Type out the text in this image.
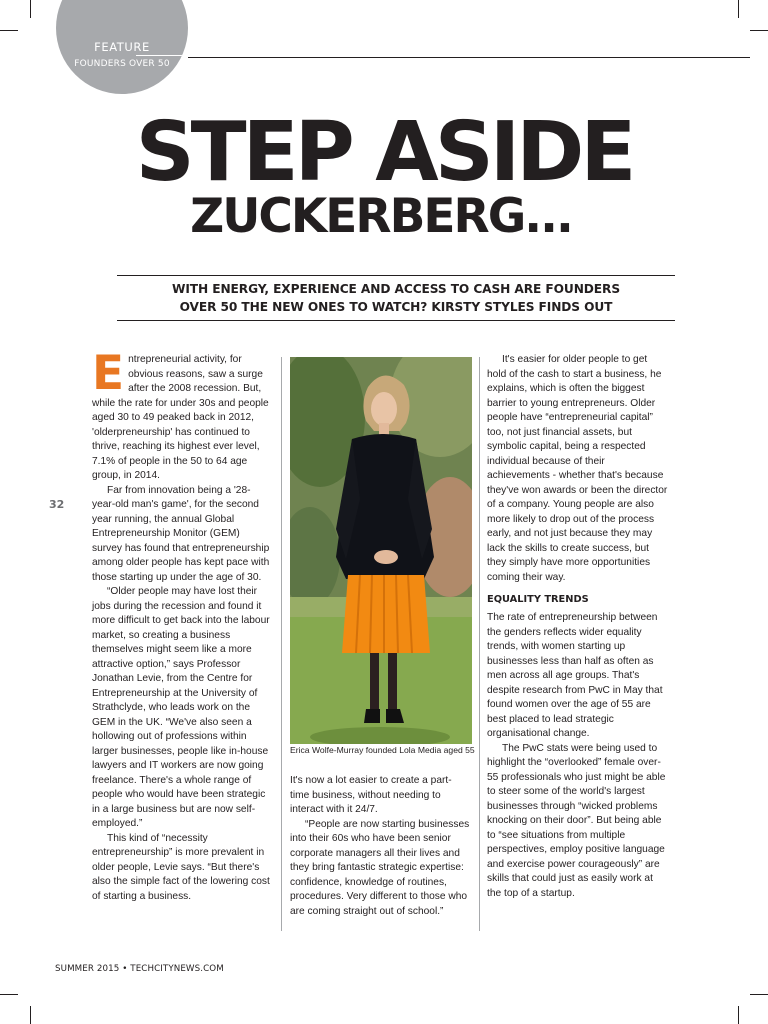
FEATURE
FOUNDERS OVER 50
STEP ASIDE
ZUCKERBERG...
WITH ENERGY, EXPERIENCE AND ACCESS TO CASH ARE FOUNDERS
OVER 50 THE NEW ONES TO WATCH? KIRSTY STYLES FINDS OUT
32
E ntrepreneurial activity, for obvious reasons, saw a surge after the 2008 recession. But, while the rate for under 30s and people aged 30 to 49 peaked back in 2012, 'olderpreneurship' has continued to thrive, reaching its highest ever level, 7.1% of people in the 50 to 64 age group, in 2014.

Far from innovation being a '28-year-old man's game', for the second year running, the annual Global Entrepreneurship Monitor (GEM) survey has found that entrepreneurship among older people has kept pace with those starting up under the age of 30.

“Older people may have lost their jobs during the recession and found it more difficult to get back into the labour market, so creating a business themselves might seem like a more attractive option,” says Professor Jonathan Levie, from the Centre for Entrepreneurship at the University of Strathclyde, who leads work on the GEM in the UK. “We've also seen a hollowing out of professions within larger businesses, people like in-house lawyers and IT workers are now going freelance. There's a whole range of people who would have been strategic in a large business but are now self-employed.”

This kind of “necessity entrepreneurship” is more prevalent in older people, Levie says. “But there's also the simple fact of the lowering cost of starting a business.

Erica Wolfe-Murray founded Lola Media aged 55

It's now a lot easier to create a part-time business, without needing to interact with it 24/7.

“People are now starting businesses into their 60s who have been senior corporate managers all their lives and they bring fantastic strategic expertise: confidence, knowledge of routines, procedures. Very different to those who are coming straight out of school.”

It's easier for older people to get hold of the cash to start a business, he explains, which is often the biggest barrier to young entrepreneurs. Older people have “entrepreneurial capital” too, not just financial assets, but symbolic capital, being a respected individual because of their achievements - whether that's because they've won awards or been the director of a company. Young people are also more likely to drop out of the process early, and not just because they may lack the skills to create success, but they simply have more opportunities coming their way.

EQUALITY TRENDS

The rate of entrepreneurship between the genders reflects wider equality trends, with women starting up businesses less than half as often as men across all age groups. That's despite research from PwC in May that found women over the age of 55 are best placed to lead strategic organisational change.

The PwC stats were being used to highlight the “overlooked” female over-55 professionals who just might be able to steer some of the world's largest businesses through “wicked problems knocking on their door”. But being able to “see situations from multiple perspectives, employ positive language and exercise power courageously” are skills that could just as easily work at the top of a startup.

SUMMER 2015 • TECHCITYNEWS.COM
